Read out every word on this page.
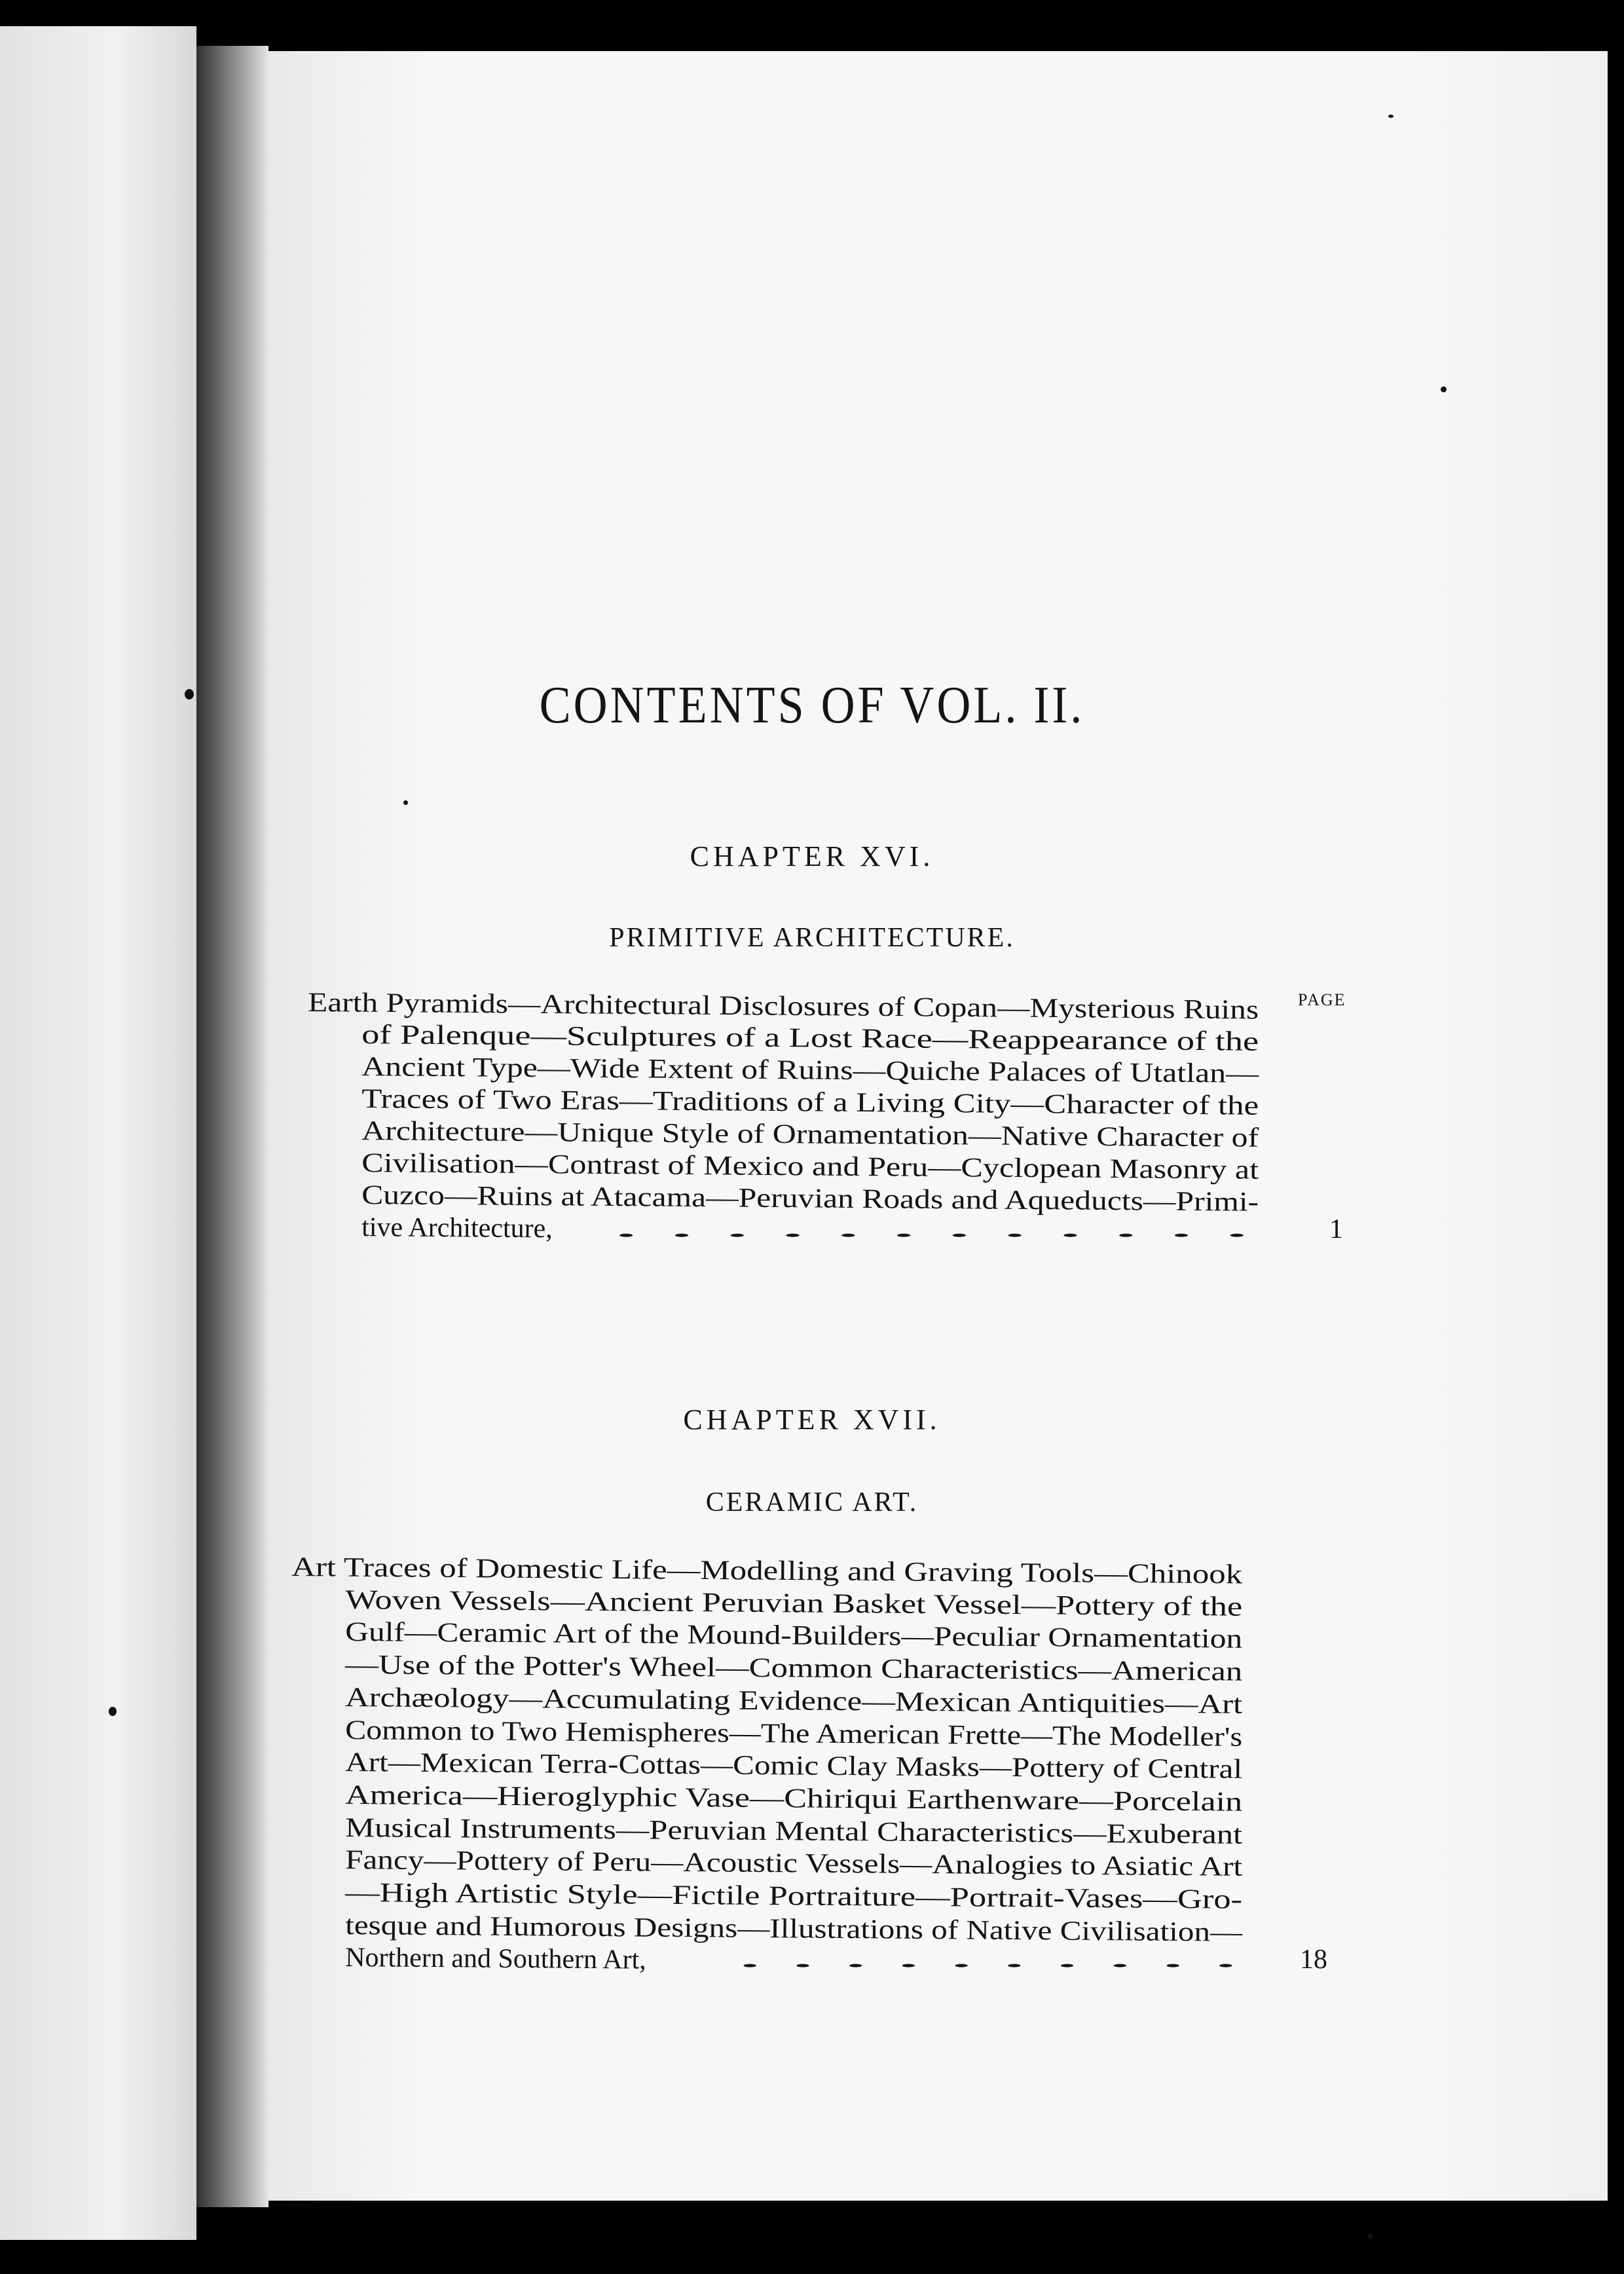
CONTENTS OF VOL. II.
CHAPTER XVI.
PRIMITIVE ARCHITECTURE.
PAGE
Earth Pyramids—Architectural Disclosures of Copan—Mysterious Ruins
of Palenque—Sculptures of a Lost Race—Reappearance of the
Ancient Type—Wide Extent of Ruins—Quiche Palaces of Utatlan—
Traces of Two Eras—Traditions of a Living City—Character of the
Architecture—Unique Style of Ornamentation—Native Character of
Civilisation—Contrast of Mexico and Peru—Cyclopean Masonry at
Cuzco—Ruins at Atacama—Peruvian Roads and Aqueducts—Primi-
tive Architecture, . . . . . . . . . . . .	1
CHAPTER XVII.
CERAMIC ART.
Art Traces of Domestic Life—Modelling and Graving Tools—Chinook
Woven Vessels—Ancient Peruvian Basket Vessel—Pottery of the
Gulf—Ceramic Art of the Mound-Builders—Peculiar Ornamentation
—Use of the Potter's Wheel—Common Characteristics—American
Archæology—Accumulating Evidence—Mexican Antiquities—Art
Common to Two Hemispheres—The American Frette—The Modeller's
Art—Mexican Terra-Cottas—Comic Clay Masks—Pottery of Central
America—Hieroglyphic Vase—Chiriqui Earthenware—Porcelain
Musical Instruments—Peruvian Mental Characteristics—Exuberant
Fancy—Pottery of Peru—Acoustic Vessels—Analogies to Asiatic Art
—High Artistic Style—Fictile Portraiture—Portrait-Vases—Gro-
tesque and Humorous Designs—Illustrations of Native Civilisation—
Northern and Southern Art,	. . . . . . . . . . 18
